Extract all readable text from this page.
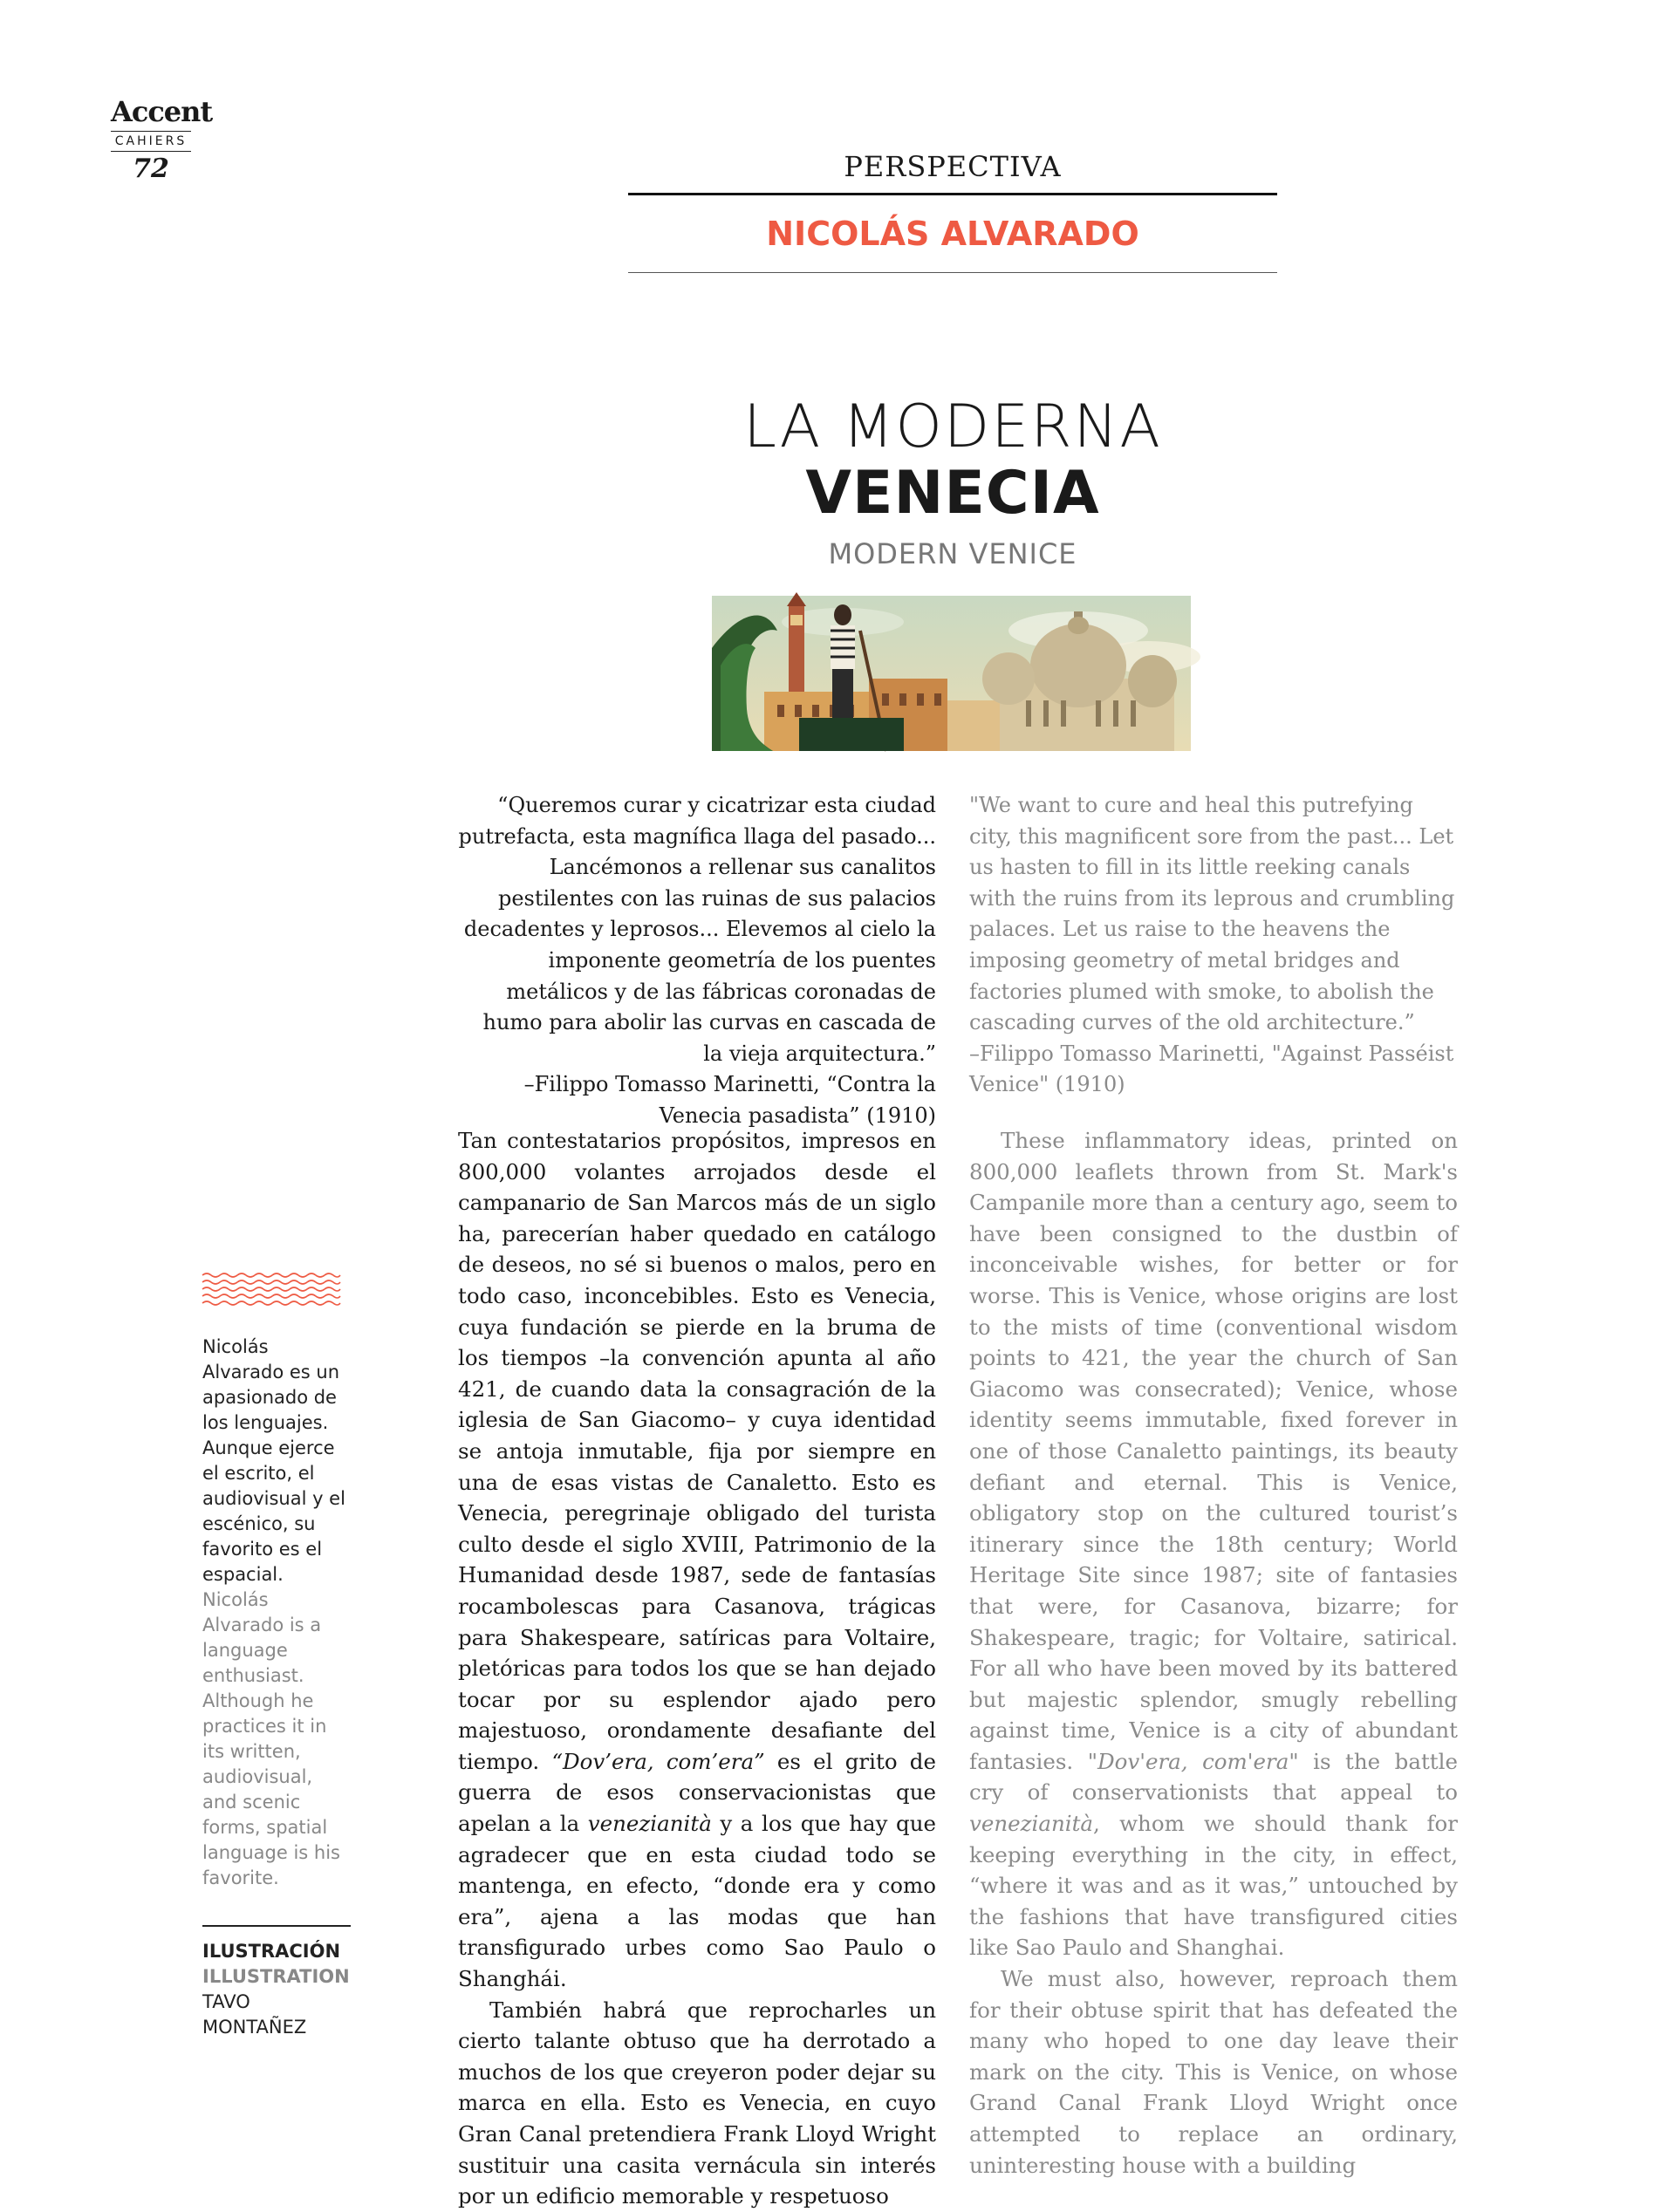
Accent
CAHIERS
72	PERSPECTIVA
NICOLÁS ALVARADO
LA MODERNA
VENECIA
MODERN VENICE

“Queremos curar y cicatrizar esta ciudad putrefacta, esta magnífica llaga del pasado... Lancémonos a rellenar sus canalitos pestilentes con las ruinas de sus palacios decadentes y leprosos... Elevemos al cielo la imponente geometría de los puentes metálicos y de las fábricas coronadas de humo para abolir las curvas en cascada de la vieja arquitectura.”

–Filippo Tomasso Marinetti, “Contra la Venecia pasadista” (1910)

"We want to cure and heal this putrefying city, this magnificent sore from the past... Let us hasten to fill in its little reeking canals with the ruins from its leprous and crumbling palaces. Let us raise to the heavens the imposing geometry of metal bridges and factories plumed with smoke, to abolish the cascading curves of the old architecture.”

–Filippo Tomasso Marinetti, "Against Passéist Venice" (1910)

Tan contestatarios propósitos, impresos en 800,000 volantes arrojados desde el campanario de San Marcos más de un siglo ha, parecerían haber quedado en catálogo de deseos, no sé si buenos o malos, pero en todo caso, inconcebibles. Esto es Venecia, cuya fundación se pierde en la bruma de los tiempos –la convención apunta al año 421, de cuando data la consagración de la iglesia de San Giacomo– y cuya identidad se antoja inmutable, fija por siempre en una de esas vistas de Canaletto. Esto es Venecia, peregrinaje obligado del turista culto desde el siglo XVIII, Patrimonio de la Humanidad desde 1987, sede de fantasías rocambolescas para Casanova, trágicas para Shakespeare, satíricas para Voltaire, pletóricas para todos los que se han dejado tocar por su esplendor ajado pero majestuoso, orondamente desafiante del tiempo. “Dov’era, com’era” es el grito de guerra de esos conservacionistas que apelan a la venezianità y a los que hay que agradecer que en esta ciudad todo se mantenga, en efecto, “donde era y como era”, ajena a las modas que han transfigurado urbes como Sao Paulo o Shanghái.

También habrá que reprocharles un cierto talante obtuso que ha derrotado a muchos de los que creyeron poder dejar su marca en ella. Esto es Venecia, en cuyo Gran Canal pretendiera Frank Lloyd Wright sustituir una casita vernácula sin interés por un edificio memorable y respetuoso

These inflammatory ideas, printed on 800,000 leaflets thrown from St. Mark's Campanile more than a century ago, seem to have been consigned to the dustbin of inconceivable wishes, for better or for worse. This is Venice, whose origins are lost to the mists of time (conventional wisdom points to 421, the year the church of San Giacomo was consecrated); Venice, whose identity seems immutable, fixed forever in one of those Canaletto paintings, its beauty defiant and eternal. This is Venice, obligatory stop on the cultured tourist’s itinerary since the 18th century; World Heritage Site since 1987; site of fantasies that were, for Casanova, bizarre; for Shakespeare, tragic; for Voltaire, satirical. For all who have been moved by its battered but majestic splendor, smugly rebelling against time, Venice is a city of abundant fantasies. "Dov'era, com'era" is the battle cry of conservationists that appeal to venezianità, whom we should thank for keeping everything in the city, in effect, “where it was and as it was,” untouched by the fashions that have transfigured cities like Sao Paulo and Shanghai.

We must also, however, reproach them for their obtuse spirit that has defeated the many who hoped to one day leave their mark on the city. This is Venice, on whose Grand Canal Frank Lloyd Wright once attempted to replace an ordinary, uninteresting house with a building

Nicolás Alvarado es un apasionado de los lenguajes. Aunque ejerce el escrito, el audiovisual y el escénico, su favorito es el espacial.
Nicolás Alvarado is a language enthusiast. Although he practices it in its written, audiovisual, and scenic forms, spatial language is his favorite.
ILUSTRACIÓN
ILLUSTRATION
TAVO
MONTAÑEZ
